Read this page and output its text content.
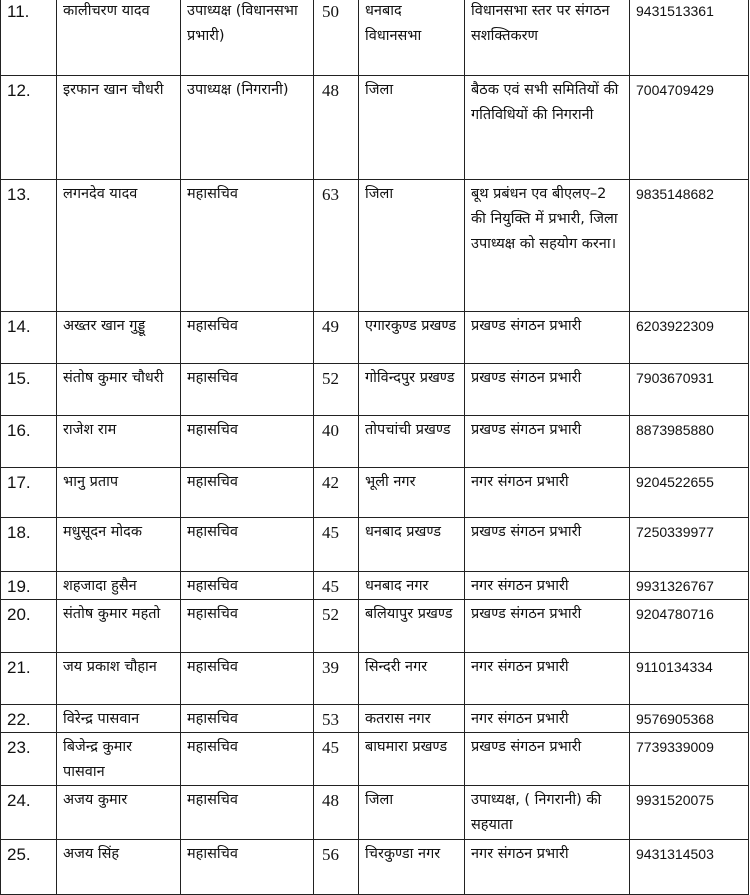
11.	कालीचरण यादव	उपाध्यक्ष (विधानसभा प्रभारी)	50	धनबाद विधानसभा	विधानसभा स्तर पर संगठन सशक्तिकरण	9431513361
12.	इरफान खान चौधरी	उपाध्यक्ष (निगरानी)	48	जिला	बैठक एवं सभी समितियों की गतिविधियों की निगरानी	7004709429
13.	लगनदेव यादव	महासचिव	63	जिला	बूथ प्रबंधन एव बीएलए–2 की नियुक्ति में प्रभारी, जिला उपाध्यक्ष को सहयोग करना।	9835148682
14.	अख्तर खान गुड्डू	महासचिव	49	एगारकुण्ड प्रखण्ड	प्रखण्ड संगठन प्रभारी	6203922309
15.	संतोष कुमार चौधरी	महासचिव	52	गोविन्दपुर प्रखण्ड	प्रखण्ड संगठन प्रभारी	7903670931
16.	राजेश राम	महासचिव	40	तोपचांची प्रखण्ड	प्रखण्ड संगठन प्रभारी	8873985880
17.	भानु प्रताप	महासचिव	42	भूली नगर	नगर संगठन प्रभारी	9204522655
18.	मधुसूदन मोदक	महासचिव	45	धनबाद प्रखण्ड	प्रखण्ड संगठन प्रभारी	7250339977
19.	शहजादा हुसैन	महासचिव	45	धनबाद नगर	नगर संगठन प्रभारी	9931326767
20.	संतोष कुमार महतो	महासचिव	52	बलियापुर प्रखण्ड	प्रखण्ड संगठन प्रभारी	9204780716
21.	जय प्रकाश चौहान	महासचिव	39	सिन्दरी नगर	नगर संगठन प्रभारी	9110134334
22.	विरेन्द्र पासवान	महासचिव	53	कतरास नगर	नगर संगठन प्रभारी	9576905368
23.	बिजेन्द्र कुमार पासवान	महासचिव	45	बाघमारा प्रखण्ड	प्रखण्ड संगठन प्रभारी	7739339009
24.	अजय कुमार	महासचिव	48	जिला	उपाध्यक्ष, ( निगरानी) की सहयाता	9931520075
25.	अजय सिंह	महासचिव	56	चिरकुण्डा नगर	नगर संगठन प्रभारी	9431314503
